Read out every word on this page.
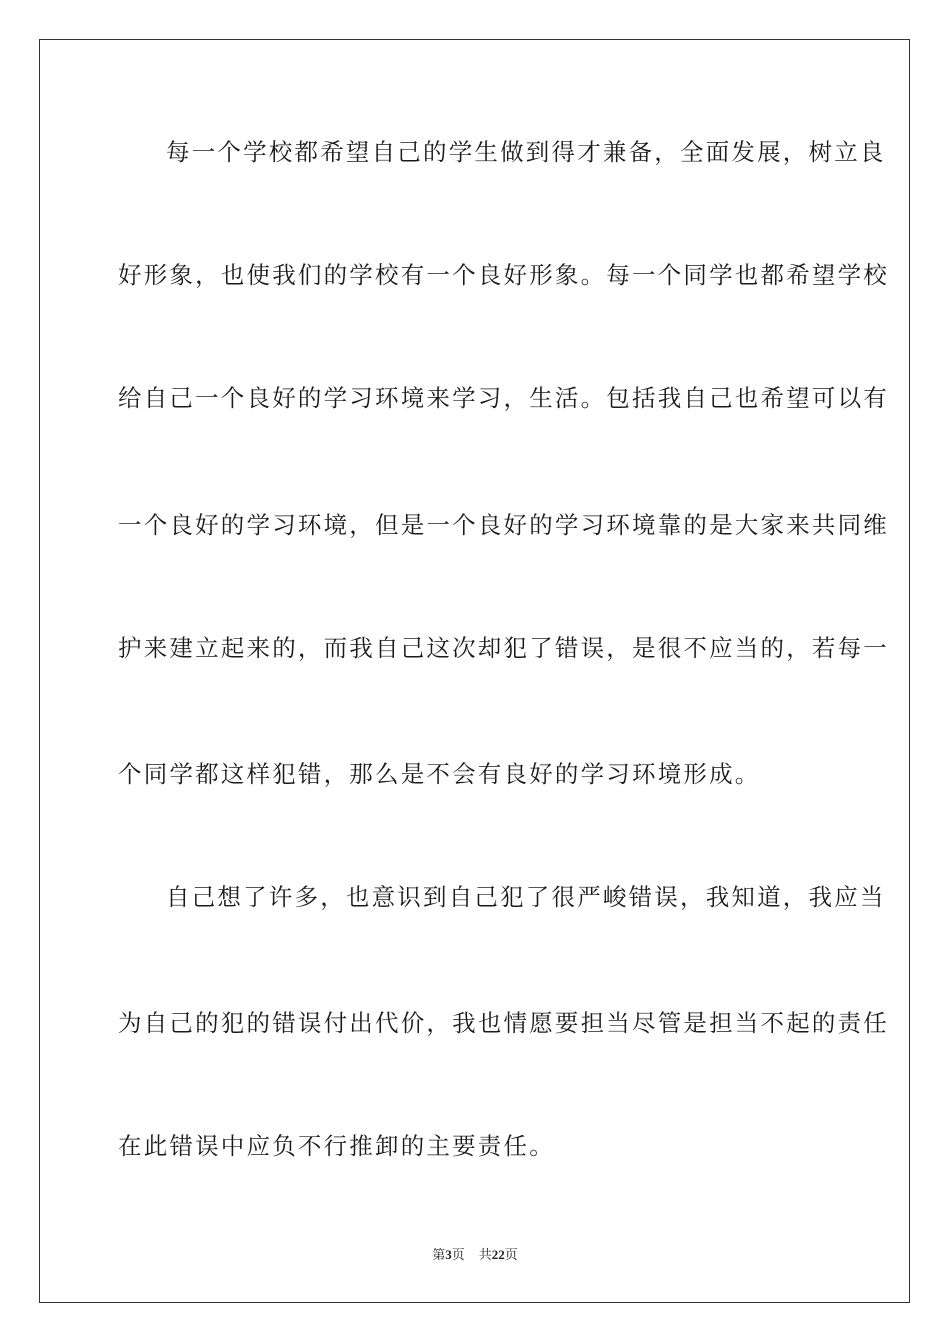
每一个学校都希望自己的学生做到得才兼备，全面发展，树立良
好形象，也使我们的学校有一个良好形象。每一个同学也都希望学校
给自己一个良好的学习环境来学习，生活。包括我自己也希望可以有
一个良好的学习环境，但是一个良好的学习环境靠的是大家来共同维
护来建立起来的，而我自己这次却犯了错误，是很不应当的，若每一
个同学都这样犯错，那么是不会有良好的学习环境形成。
自己想了许多，也意识到自己犯了很严峻错误，我知道，我应当
为自己的犯的错误付出代价，我也情愿要担当尽管是担当不起的责任
在此错误中应负不行推卸的主要责任。
第3页 共22页
